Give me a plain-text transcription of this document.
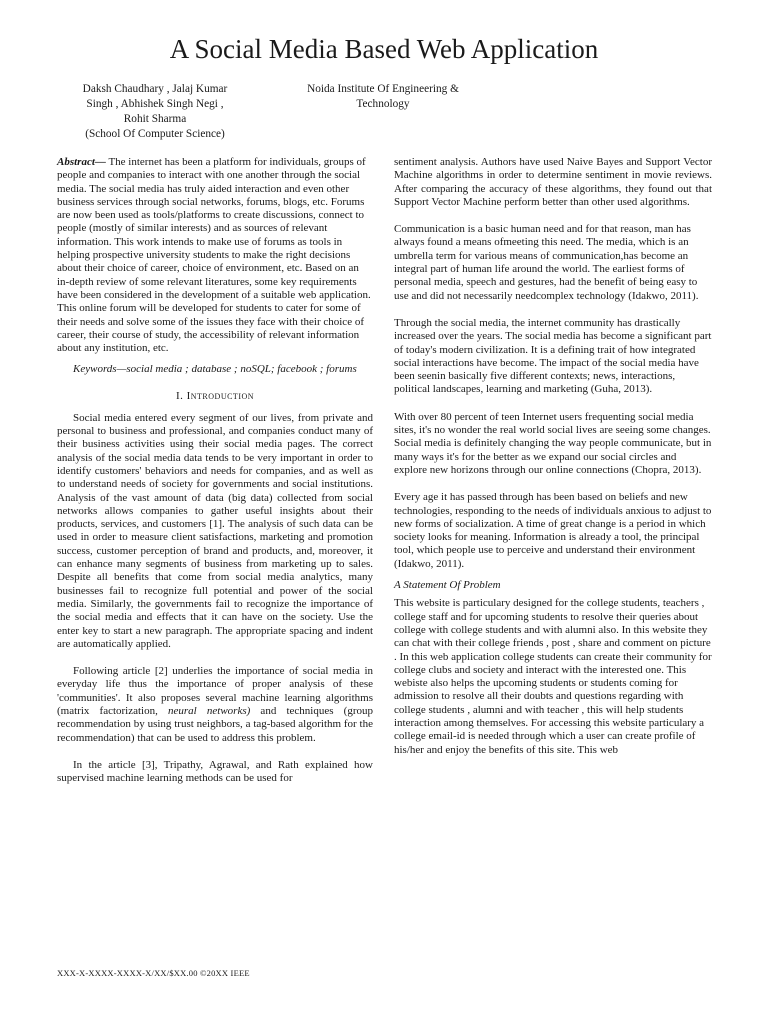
A Social Media Based Web Application
Daksh Chaudhary , Jalaj Kumar
Singh , Abhishek Singh Negi ,
Rohit Sharma
(School Of Computer Science)
Noida Institute Of Engineering &
Technology

Abstract— The internet has been a platform for individuals, groups of people and companies to interact with one another through the social media. The social media has truly aided interaction and even other business services through social networks, forums, blogs, etc. Forums are now been used as tools/platforms to create discussions, connect to people (mostly of similar interests) and as sources of relevant information. This work intends to make use of forums as tools in helping prospective university students to make the right decisions about their choice of career, choice of environment, etc. Based on an in-depth review of some relevant literatures, some key requirements have been considered in the development of a suitable web application. This online forum will be developed for students to cater for some of their needs and solve some of the issues they face with their choice of career, their course of study, the accessibility of relevant information about any institution, etc.

Keywords—social media ; database ; noSQL; facebook ; forums

I. Introduction

Social media entered every segment of our lives, from private and personal to business and professional, and companies conduct many of their business activities using their social media pages. The correct analysis of the social media data tends to be very important in order to identify customers' behaviors and needs for companies, and as well as to understand needs of society for governments and social institutions. Analysis of the vast amount of data (big data) collected from social networks allows companies to gather useful insights about their products, services, and customers [1]. The analysis of such data can be used in order to measure client satisfactions, marketing and promotion success, customer perception of brand and products, and, moreover, it can enhance many segments of business from marketing up to sales. Despite all benefits that come from social media analytics, many businesses fail to recognize full potential and power of the social media. Similarly, the governments fail to recognize the importance of the social media and effects that it can have on the society. Use the enter key to start a new paragraph. The appropriate spacing and indent are automatically applied.

Following article [2] underlies the importance of social media in everyday life thus the importance of proper analysis of these 'communities'. It also proposes several machine learning algorithms (matrix factorization, neural networks) and techniques (group recommendation by using trust neighbors, a tag-based algorithm for the recommendation) that can be used to address this problem.

In the article [3], Tripathy, Agrawal, and Rath explained how supervised machine learning methods can be used for

sentiment analysis. Authors have used Naive Bayes and Support Vector Machine algorithms in order to determine sentiment in movie reviews. After comparing the accuracy of these algorithms, they found out that Support Vector Machine perform better than other used algorithms.

Communication is a basic human need and for that reason, man has always found a means ofmeeting this need. The media, which is an umbrella term for various means of communication,has become an integral part of human life around the world. The earliest forms of personal media, speech and gestures, had the benefit of being easy to use and did not necessarily needcomplex technology (Idakwo, 2011).

Through the social media, the internet community has drastically increased over the years. The social media has become a significant part of today's modern civilization. It is a defining trait of how integrated social interactions have become. The impact of the social media have been seenin basically five different contexts; news, interactions, political landscapes, learning and marketing (Guha, 2013).

With over 80 percent of teen Internet users frequenting social media sites, it's no wonder the real world social lives are seeing some changes. Social media is definitely changing the way people communicate, but in many ways it's for the better as we expand our social circles and explore new horizons through our online connections (Chopra, 2013).

Every age it has passed through has been based on beliefs and new technologies, responding to the needs of individuals anxious to adjust to new forms of socialization. A time of great change is a period in which society looks for meaning. Information is already a tool, the principal tool, which people use to perceive and understand their environment (Idakwo, 2011).

A Statement Of Problem

This website is particulary designed for the college students, teachers , college staff and for upcoming students to resolve their queries about college with college students and with alumni also. In this website they can chat with their college friends , post , share and comment on picture . In this web application college students can create their community for college clubs and society and interact with the interested one. This webiste also helps the upcoming students or students coming for admission to resolve all their doubts and questions regarding with college students , alumni and with teacher , this will help students interaction among themselves. For accessing this website particulary a college email-id is needed through which a user can create profile of his/her and enjoy the benefits of this site. This web

XXX-X-XXXX-XXXX-X/XX/$XX.00 ©20XX IEEE
